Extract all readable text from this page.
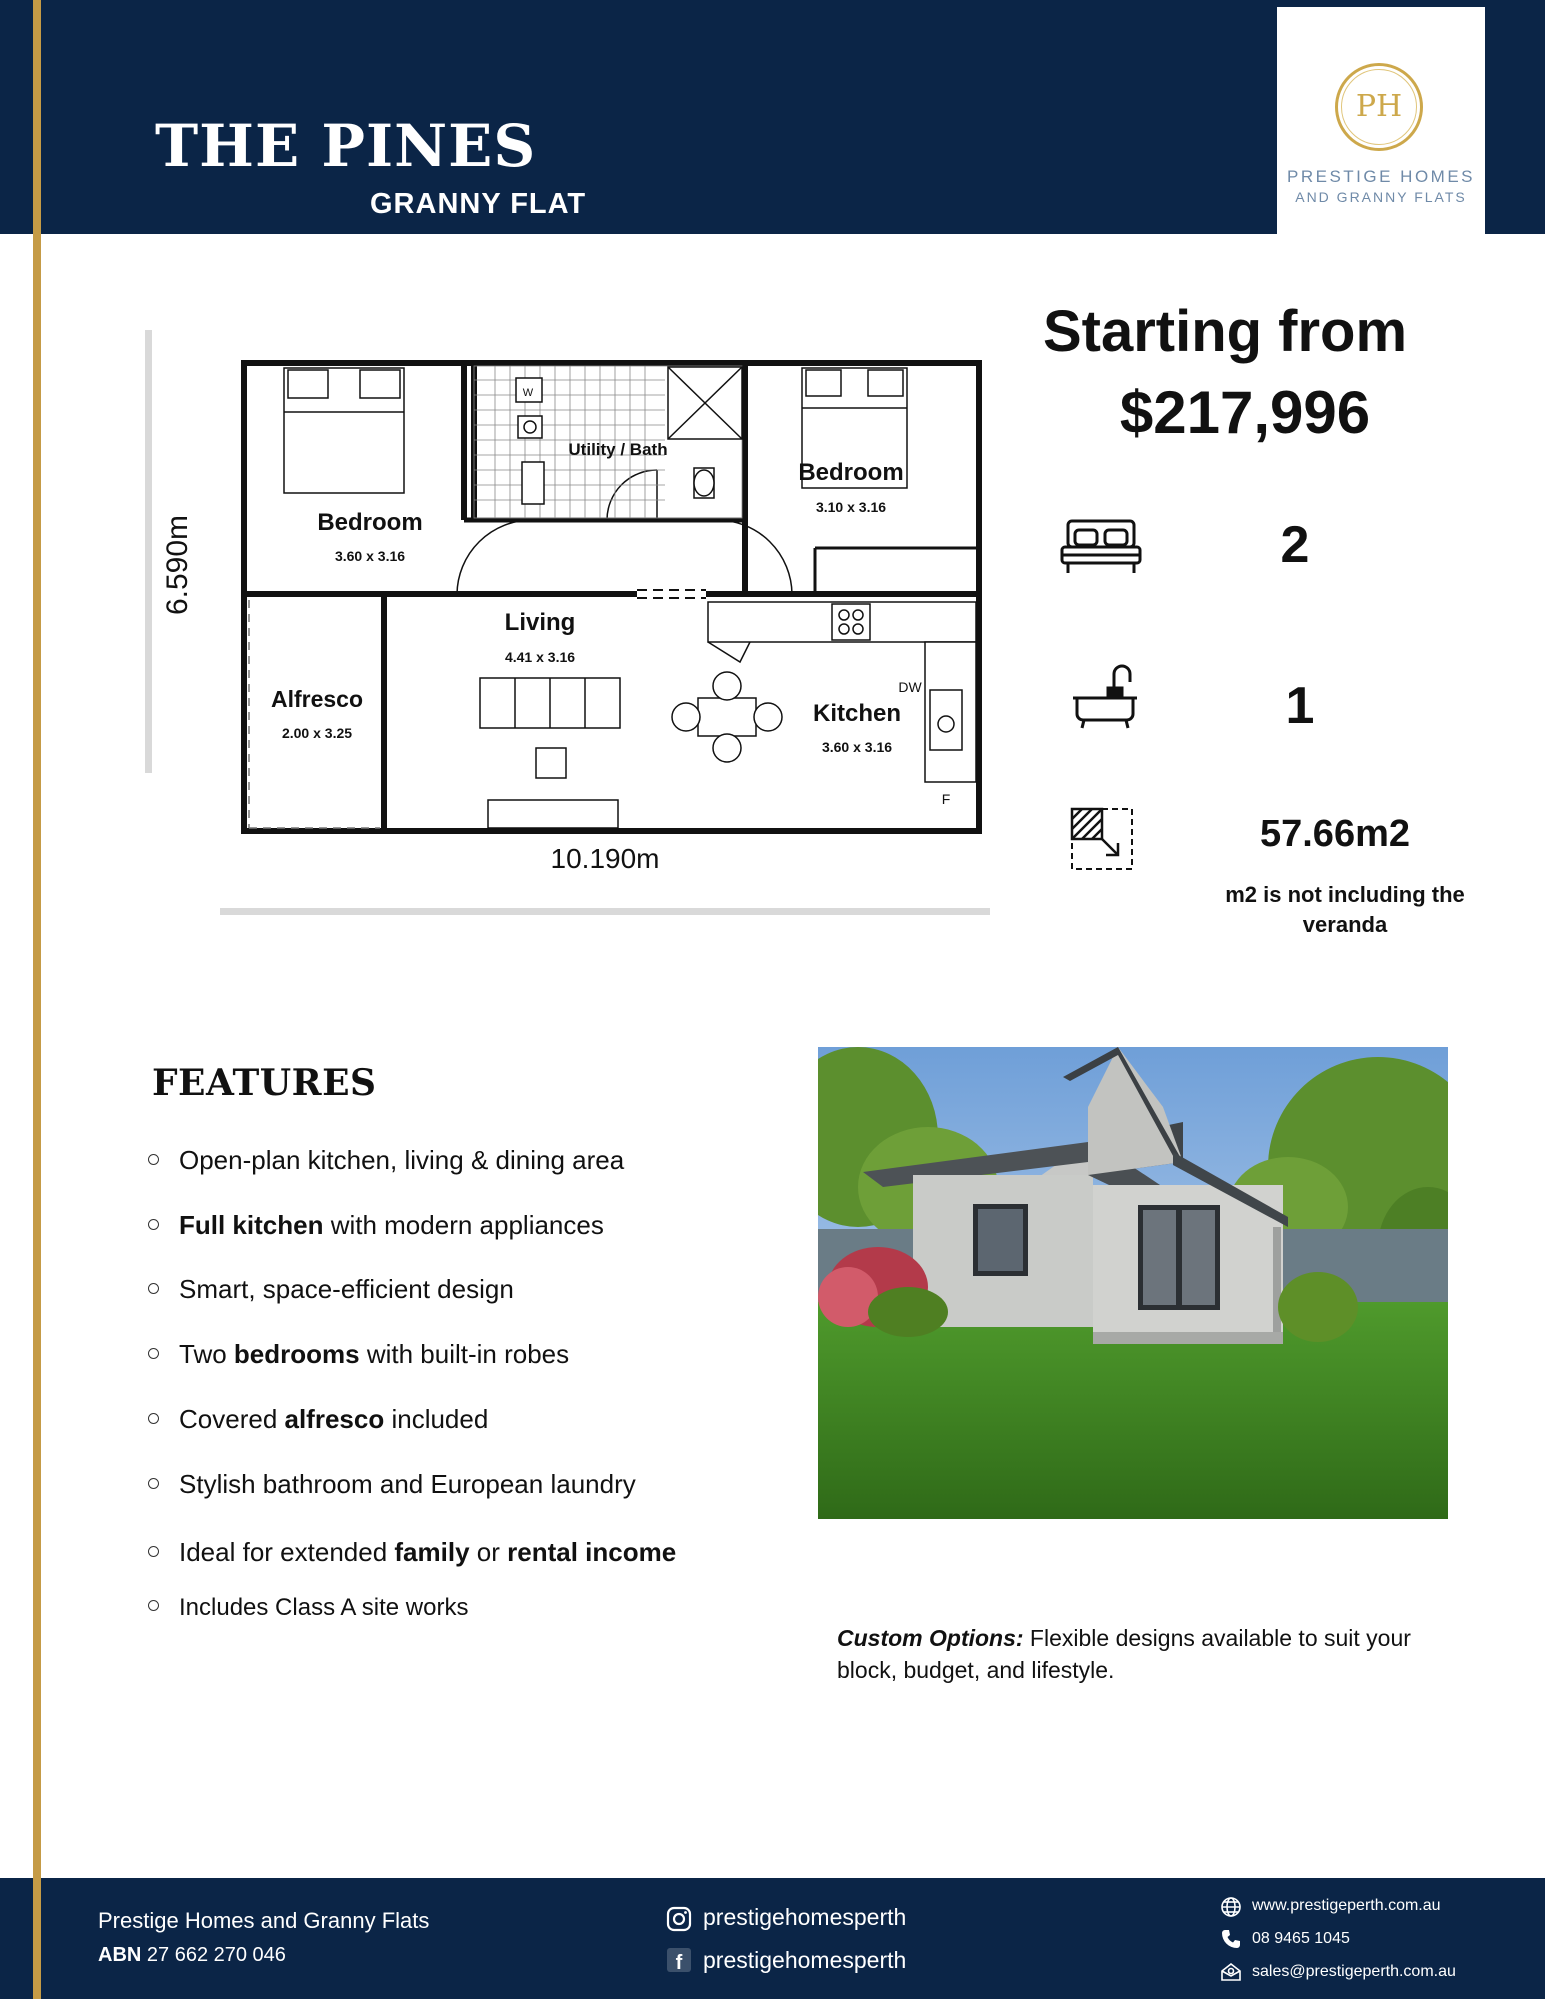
THE PINES
GRANNY FLAT
PH
PRESTIGE HOMES
AND GRANNY FLATS
6.590m
10.190m
W
Bedroom
3.60 x 3.16
Utility / Bath
Bedroom
3.10 x 3.16
Living
4.41 x 3.16
Alfresco
2.00 x 3.25
Kitchen
3.60 x 3.16
DW
F
Starting from
$217,996
2
1
57.66m2
m2 is not including the veranda
FEATURES
Open-plan kitchen, living & dining area
Full kitchen with modern appliances
Smart, space-efficient design
Two bedrooms with built-in robes
Covered alfresco included
Stylish bathroom and European laundry
Ideal for extended family or rental income
Includes Class A site works
Custom Options: Flexible designs available to suit your block, budget, and lifestyle.
Prestige Homes and Granny Flats
ABN 27 662 270 046
prestigehomesperth
f prestigehomesperth
www.prestigeperth.com.au
08 9465 1045
sales@prestigeperth.com.au
